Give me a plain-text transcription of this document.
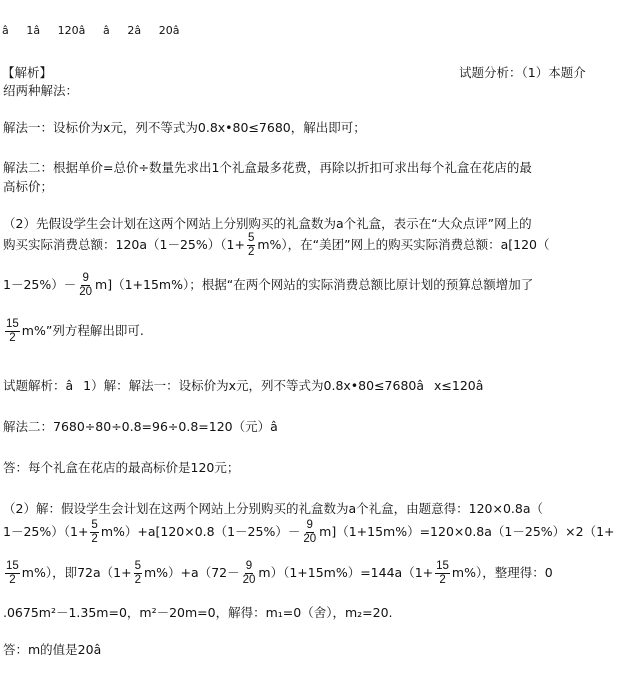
â1â120ââ2â20â
【解析】	试题分析：（1）本题介
绍两种解法：
解法一：设标价为x元，列不等式为0.8x•80≤7680，解出即可；
解法二：根据单价=总价÷数量先求出1个礼盒最多花费，再除以折扣可求出每个礼盒在花店的最
高标价；
（2）先假设学生会计划在这两个网站上分别购买的礼盒数为a个礼盒，表示在“大众点评”网上的
购买实际消费总额：$120a(1-25\%)(1+ \frac{5}{2} m\%)$，在“美团”网上的购买实际消费总额：a[120（
$1-25\%)- \frac{9}{20} m](1+15m\%)$；根据“在两个网站的实际消费总额比原计划的预算总额增加了
$\frac{15}{2} m\%$”列方程解出即可.
试题解析：â1）解：解法一：设标价为x元，列不等式为0.8x•80≤7680âx≤120â
解法二：7680÷80÷0.8=96÷0.8=120（元）â
答：每个礼盒在花店的最高标价是120元；
（2）解：假设学生会计划在这两个网站上分别购买的礼盒数为a个礼盒，由题意得：120×0.8a（
$1-25\%)(1+ \frac{5}{2} m\%)+a[120\times 0.8(1-25\%)- \frac{9}{20} m](1+15m\%)=120\times 0.8a(1-25\%)\times 2(1+$
$\frac{15}{2} m\%$），即$72a(1+ \frac{5}{2} m\%)+a(72- \frac{9}{20} m)(1+15m\%)=144a(1+ \frac{15}{2} m\%)$，整理得：0
.0675m²－1.35m=0，m²－20m=0，解得：m₁=0（舍），m₂=20.
答：m的值是20â
